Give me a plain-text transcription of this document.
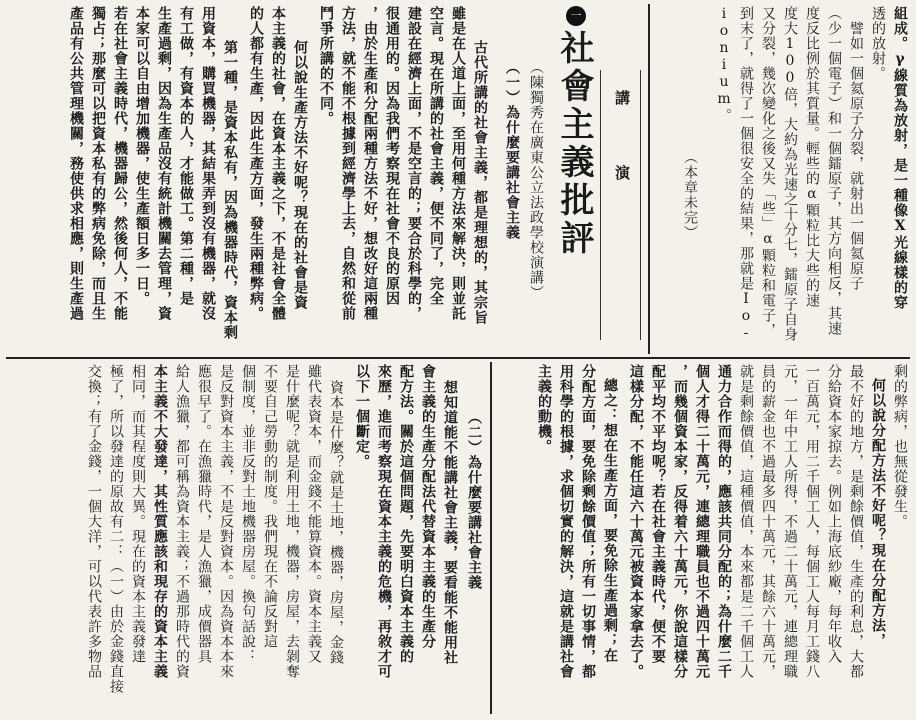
組成。γ線質為放射，是一種像X光線樣的穿
透的放射。
　譬如一個氦原子分裂，就射出一個氦原子
（少一個電子）和一個鐳原子，其方向相反，其速
度反比例於其質量。輕些的α顆粒比大些的速
度大100倍，大約為光速之十分七，鐳原子自身
又分裂，幾次變化之後又失「些」α顆粒和電子，
到末了，就得了一個很安全的結果，那就是Io-
ionium。
（本章未完）
講演
一
社會主義批評
（陳獨秀在廣東公立法政學校演講）
（一）為什麼要講社會主義
古代所講的社會主義，都是理想的，其宗旨
雖是在人道上面，至用何種方法來解決，則並託
空言。現在所講的社會主義，便不同了，完全
建設在經濟上面，不是空言的；要合於科學的，
很通用的。因為我們考察現在社會不良的原因
，由於生產和分配兩種方法不好，想改好這兩種
方法，就不能不根據到經濟學上去，自然和從前
鬥爭所講的不同。
何以說生產方法不好呢？現在的社會是資
本主義的社會，在資本主義之下，不是社會全體
的人都有生產，因此生產方面，發生兩種弊病。
第一種，是資本私有，因為機器時代，資本剩
用資本，購買機器，其結果弄到沒有機器，就沒
有工做，有資本的人，才能做工。第二種，是
生產過剩，因為生產品沒有統計機關去管理，資
本家可以自由增加機器，使生產額日多一日。
若在社會主義時代，機器歸公，然後何人，不能
獨占；那麼可以把資本私有的弊病免除，而且生
產品有公共管理機關，務使供求相應，則生產過
剩的弊病，也無從發生。
何以說分配方法不好呢？現在分配方法，
最不好的地方，是剩餘價值，生產的利息，大都
分給資本家掠去。例如上海底紗廠，每年收入
一百萬元，用二千個工人，每個工人每月工錢八
元，一年中工人所得，不過二十萬元，連總理職
員的薪金也不過最多四十萬元，其餘六十萬元，
就是剩餘價值，這種價值，本來都是二千個工人
通力合作而得的，應該共同分配的；為什麼二千
個人才得二十萬元，連總理職員也不過四十萬元
，而幾個資本家，反得着六十萬元，你說這樣分
配平均不平均呢？若在社會主義時代，便不要
這樣分配，不能任這六十萬元被資本家拿去了。
總之：想在生產方面，要免除生產過剩；在
分配方面，要免除剩餘價值；所有一切事情，都
用科學的根據，求個切實的解決，這就是講社會
主義的動機。
（二）為什麼要講社會主義
想知道能不能講社會主義，要看能不能用社
會主義的生產分配法代替資本主義的生產分
配方法。關於這個問題，先要明白資本主義的
來歷，進而考察現在資本主義的危機，再敘才可
以下一個斷定。
資本是什麼？就是土地，機器，房屋，金錢
雖代表資本，而金錢不能算資本。資本主義又
是什麼呢？就是利用土地，機器，房屋，去剝奪
不要自己勞動的制度。我們現在不論反對這
個制度，並非反對土地機器房屋。換句話說：
是反對資本主義，不是反對資本。因為資本本來
應很早了。在漁獵時代，是人漁獵，成價器具
給人漁獵，都可稱為資本主義；不過那時代的資
本主義不大發達，其性質應該和現存的資本主義
相同，而其程度則大異。現在的資本主義發達
極了，所以發達的原故有二：（一）由於金錢直接
交換；有了金錢，一個大洋，可以代表許多物品
